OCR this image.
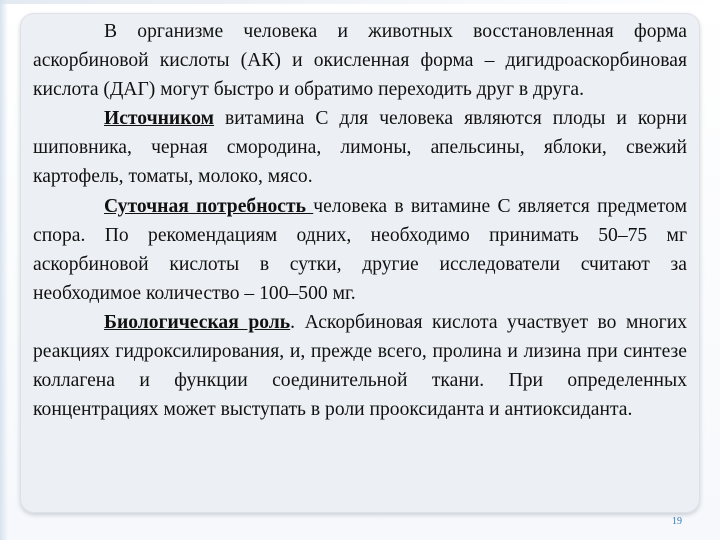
В организме человека и животных восстановленная форма аскорбиновой кислоты (АК) и окисленная форма – дигидроаскорбиновая кислота (ДАГ) могут быстро и обратимо переходить друг в друга.

Источником витамина С для человека являются плоды и корни шиповника, черная смородина, лимоны, апельсины, яблоки, свежий картофель, томаты, молоко, мясо.

Суточная потребность человека в витамине С является предметом спора. По рекомендациям одних, необходимо принимать 50–75 мг аскорбиновой кислоты в сутки, другие исследователи считают за необходимое количество – 100–500 мг.

Биологическая роль. Аскорбиновая кислота участвует во многих реакциях гидроксилирования, и, прежде всего, пролина и лизина при синтезе коллагена и функции соединительной ткани. При определенных концентрациях может выступать в роли прооксиданта и антиоксиданта.

19
